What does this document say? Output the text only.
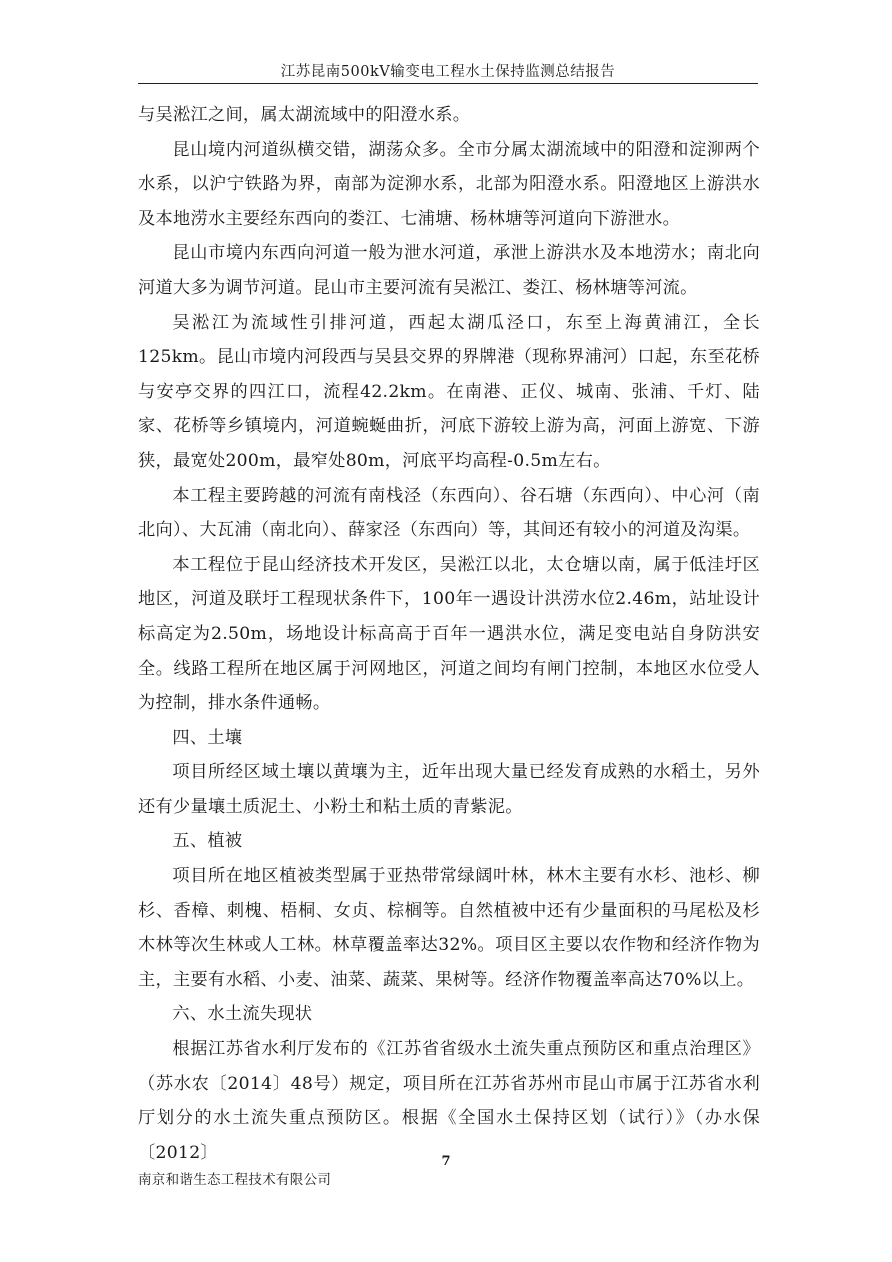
江苏昆南500kV输变电工程水土保持监测总结报告

与吴淞江之间，属太湖流域中的阳澄水系。

昆山境内河道纵横交错，湖荡众多。全市分属太湖流域中的阳澄和淀泖两个水系，以沪宁铁路为界，南部为淀泖水系，北部为阳澄水系。阳澄地区上游洪水及本地涝水主要经东西向的娄江、七浦塘、杨林塘等河道向下游泄水。

昆山市境内东西向河道一般为泄水河道，承泄上游洪水及本地涝水；南北向河道大多为调节河道。昆山市主要河流有吴淞江、娄江、杨林塘等河流。

吴淞江为流域性引排河道，西起太湖瓜泾口，东至上海黄浦江，全长125km。昆山市境内河段西与吴县交界的界牌港（现称界浦河）口起，东至花桥与安亭交界的四江口，流程42.2km。在南港、正仪、城南、张浦、千灯、陆家、花桥等乡镇境内，河道蜿蜒曲折，河底下游较上游为高，河面上游宽、下游狭，最宽处200m，最窄处80m，河底平均高程-0.5m左右。

本工程主要跨越的河流有南栈泾（东西向）、谷石塘（东西向）、中心河（南北向）、大瓦浦（南北向）、薛家泾（东西向）等，其间还有较小的河道及沟渠。

本工程位于昆山经济技术开发区，吴淞江以北，太仓塘以南，属于低洼圩区地区，河道及联圩工程现状条件下，100年一遇设计洪涝水位2.46m，站址设计标高定为2.50m，场地设计标高高于百年一遇洪水位，满足变电站自身防洪安全。线路工程所在地区属于河网地区，河道之间均有闸门控制，本地区水位受人为控制，排水条件通畅。

四、土壤

项目所经区域土壤以黄壤为主，近年出现大量已经发育成熟的水稻土，另外还有少量壤土质泥土、小粉土和粘土质的青紫泥。

五、植被

项目所在地区植被类型属于亚热带常绿阔叶林，林木主要有水杉、池杉、柳杉、香樟、刺槐、梧桐、女贞、棕榈等。自然植被中还有少量面积的马尾松及杉木林等次生林或人工林。林草覆盖率达32%。项目区主要以农作物和经济作物为主，主要有水稻、小麦、油菜、蔬菜、果树等。经济作物覆盖率高达70%以上。

六、水土流失现状

根据江苏省水利厅发布的《江苏省省级水土流失重点预防区和重点治理区》（苏水农〔2014〕48号）规定，项目所在江苏省苏州市昆山市属于江苏省水利厅划分的水土流失重点预防区。根据《全国水土保持区划（试行）》（办水保〔2012〕	7
南京和谐生态工程技术有限公司
